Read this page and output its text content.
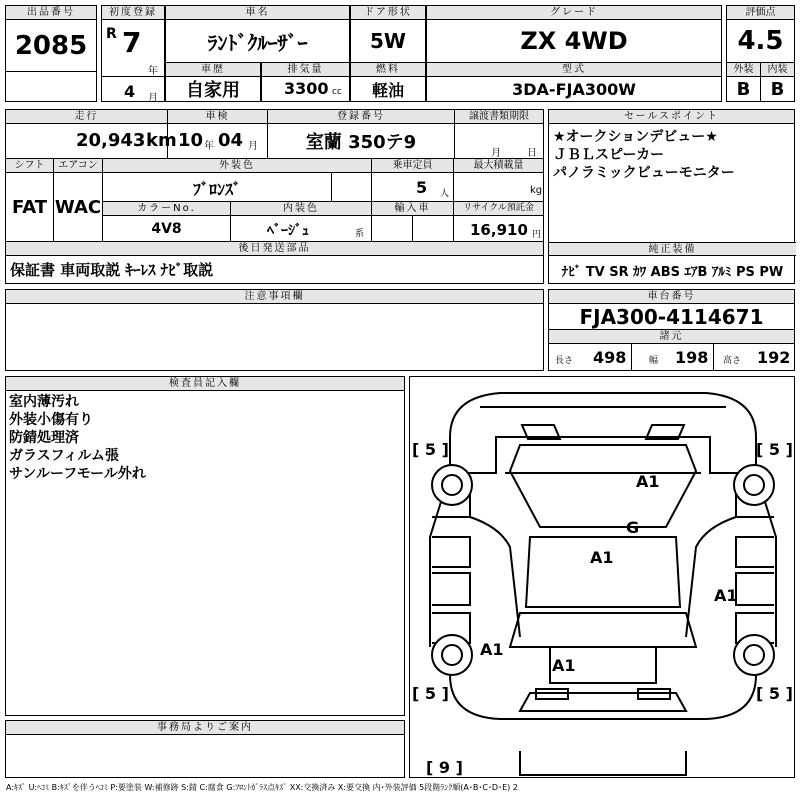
出品番号
2085
初度登録
R 7
年
4 月
車名
ﾗﾝﾄﾞｸﾙｰｻﾞｰ
ドア形状
5W
グレード
ZX 4WD
評価点
4.5
車歴
自家用
排気量
3300 cc
燃料
軽油
型式
3DA-FJA300W
外装
B
内装
B
走行
20,943 km
車検
10 年 04 月
登録番号
室蘭 350テ9
譲渡書類期限
月	日
セールスポイント
★オークションデビュー★
ＪＢＬスピーカー
パノラミックビューモニター
純正装備
ﾅﾋﾞ TV SR ｶﾜ ABS ｴｱB ｱﾙﾐ PS PW
シフト
FAT
エアコン
WAC
外装色
ﾌﾞﾛﾝｽﾞ
乗車定員
5 人
最大積載量
kg
カラーNo.
4V8
内装色
ﾍﾞｰｼﾞｭ	系
輸入車	リサイクル預託金
16,910 円
後日発送部品
保証書 車両取説 ｷｰﾚｽ ﾅﾋﾞ取説
注意事項欄	車台番号
FJA300-4114671
諸元
長さ 498	幅 198 高さ 192
検査員記入欄
室内薄汚れ
外装小傷有り
防錆処理済
ガラスフィルム張
サンルーフモール外れ
事務局よりご案内
[ 5 ]	[ 5 ]
[ 5 ]	[ 5 ]
[ 9 ]
A1
G
A1
A1
A1
A1
A:ｷｽﾞ U:ﾍｺﾐ B:ｷｽﾞを伴うﾍｺﾐ P:要塗装 W:補修跡 S:錆 C:腐食 G:ﾌﾛﾝﾄｶﾞﾗｽ点ｷｽﾞ XX:交換済み X:要交換 内･外装評価 5段階ﾗﾝｸ順(A･B･C･D･E) 2
